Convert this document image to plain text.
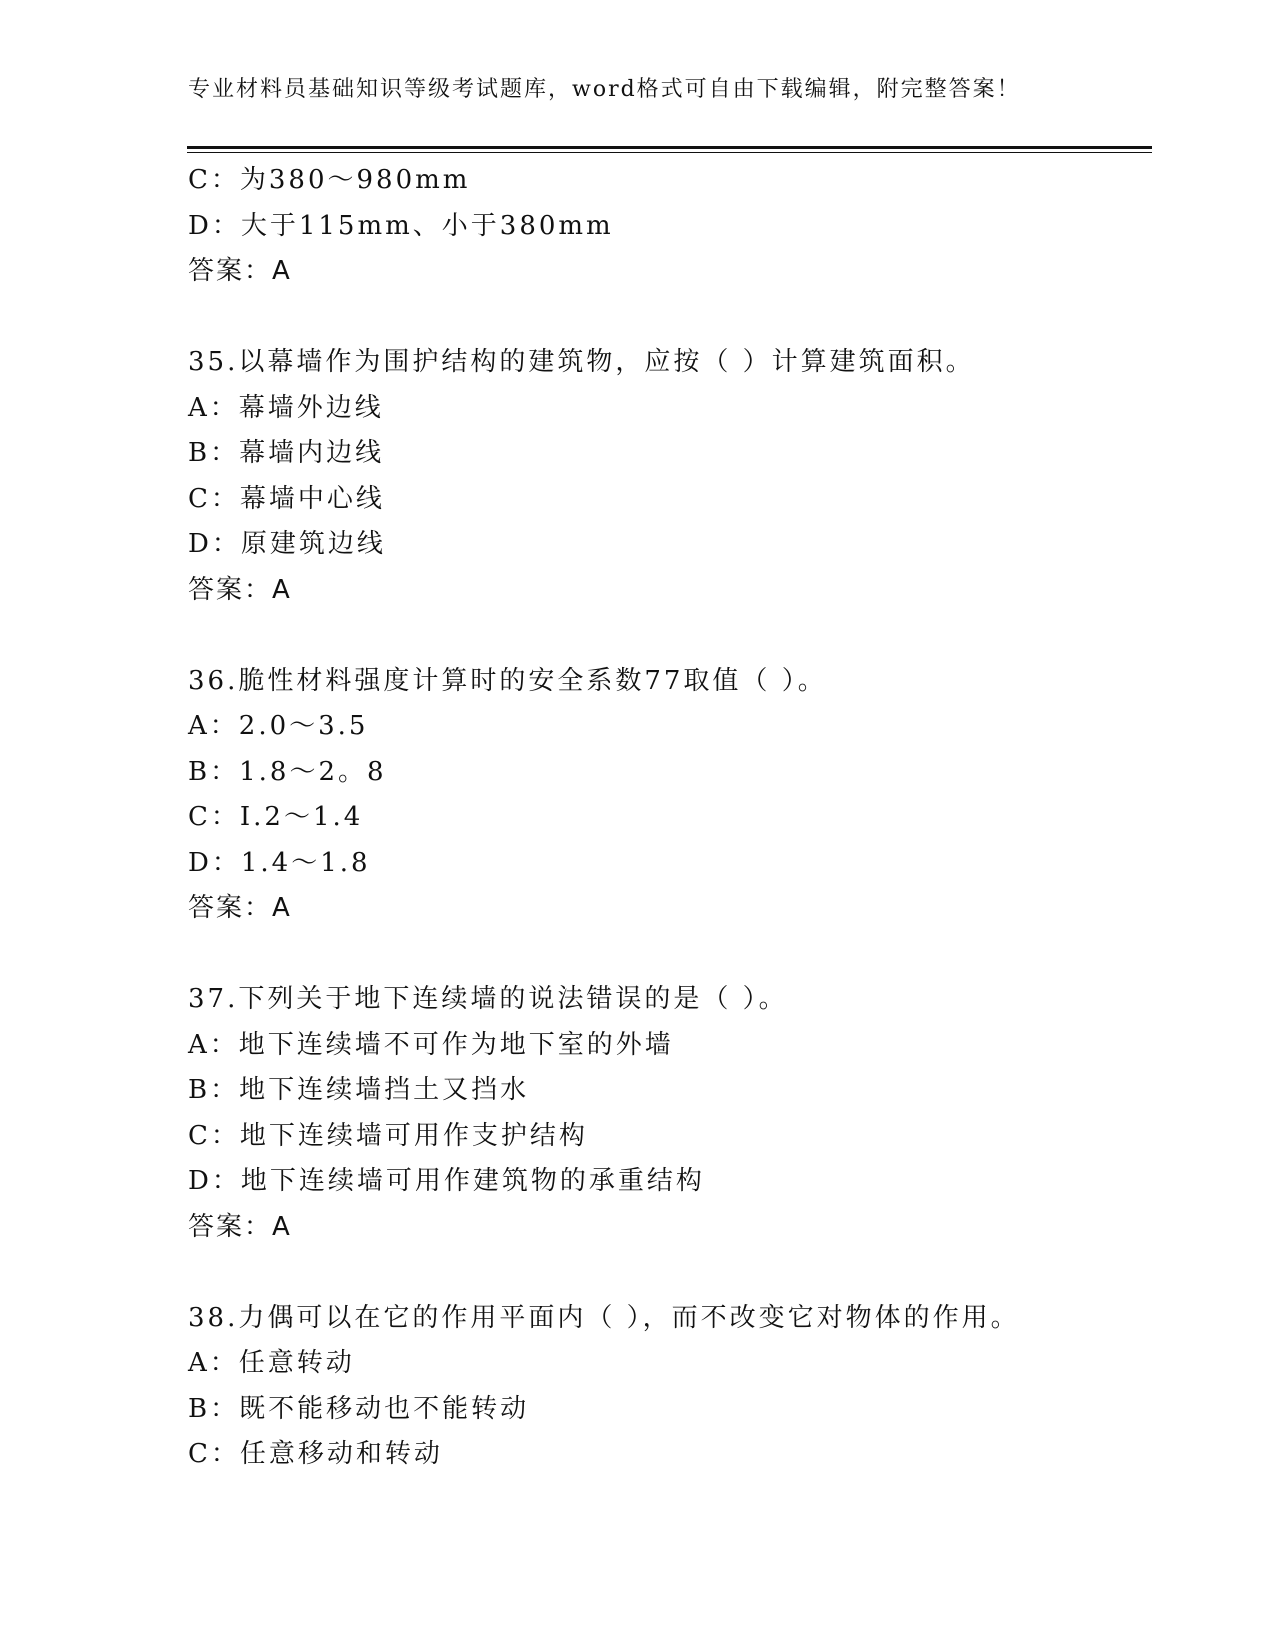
专业材料员基础知识等级考试题库，word格式可自由下载编辑，附完整答案！
C：为380～980mm
D：大于115mm、小于380mm
答案：A
35.以幕墙作为围护结构的建筑物，应按（ ）计算建筑面积。
A：幕墙外边线
B：幕墙内边线
C：幕墙中心线
D：原建筑边线
答案：A
36.脆性材料强度计算时的安全系数77取值（ ）。
A：2.0～3.5
B：1.8～2。8
C：I.2～1.4
D：1.4～1.8
答案：A
37.下列关于地下连续墙的说法错误的是（ ）。
A：地下连续墙不可作为地下室的外墙
B：地下连续墙挡土又挡水
C：地下连续墙可用作支护结构
D：地下连续墙可用作建筑物的承重结构
答案：A
38.力偶可以在它的作用平面内（ ），而不改变它对物体的作用。
A：任意转动
B：既不能移动也不能转动
C：任意移动和转动
